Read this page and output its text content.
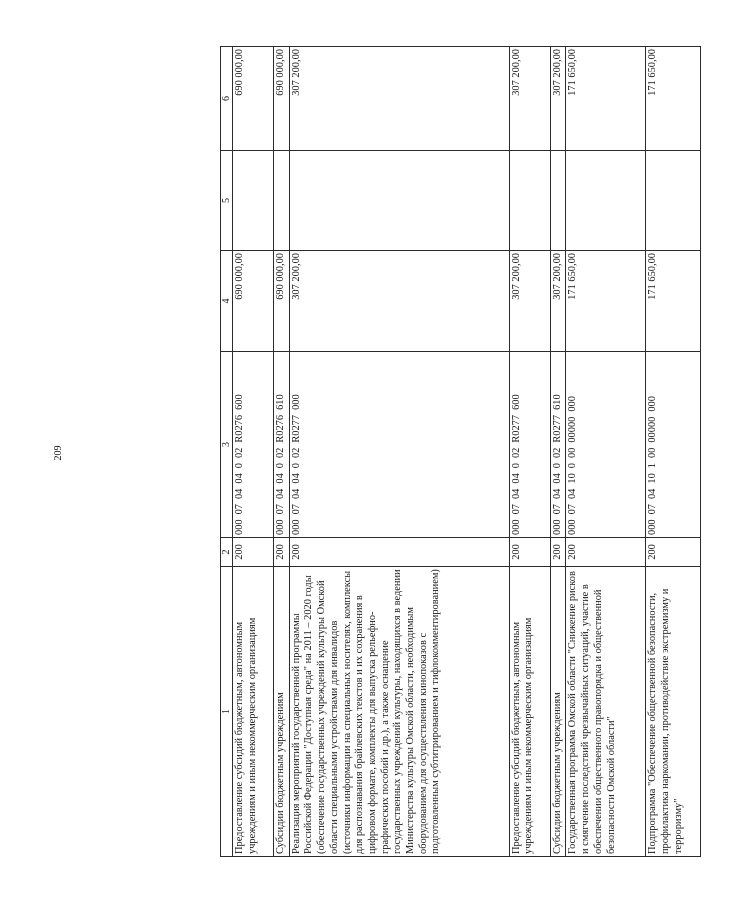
209
1	2	3	4	5	6
Предоставление субсидий бюджетным, автономным учреждениям и иным некоммерческим организациям	200	000070404002R0276600	690 000,00		690 000,00
Субсидии бюджетным учреждениям	200	000070404002R0276610	690 000,00		690 000,00
Реализация мероприятий государственной программы Российской Федерации "Доступная среда" на 2011 – 2020 годы (обеспечение государственных учреждений культуры Омской области специальными устройствами для инвалидов (источники информации на специальных носителях, комплексы для распознавания брайлевских текстов и их сохранения в цифровом формате, комплекты для выпуска рельефно-графических пособий и др.), а также оснащение государственных учреждений культуры, находящихся в ведении Министерства культуры Омской области, необходимым оборудованием для осуществления кинопоказов с подготовленным субтитрированием и тифлокомментированием)	200	000070404002R0277000	307 200,00		307 200,00
Предоставление субсидий бюджетным, автономным учреждениям и иным некоммерческим организациям	200	000070404002R0277600	307 200,00		307 200,00
Субсидии бюджетным учреждениям	200	000070404002R0277610	307 200,00		307 200,00
Государственная программа Омской области "Снижение рисков и смягчение последствий чрезвычайных ситуаций, участие в обеспечении общественного правопорядка и общественной безопасности Омской области"	200	00007041000000000000	171 650,00		171 650,00
Подпрограмма "Обеспечение общественной безопасности, профилактика наркомании, противодействие экстремизму и терроризму"	200	00007041010000000000	171 650,00		171 650,00
